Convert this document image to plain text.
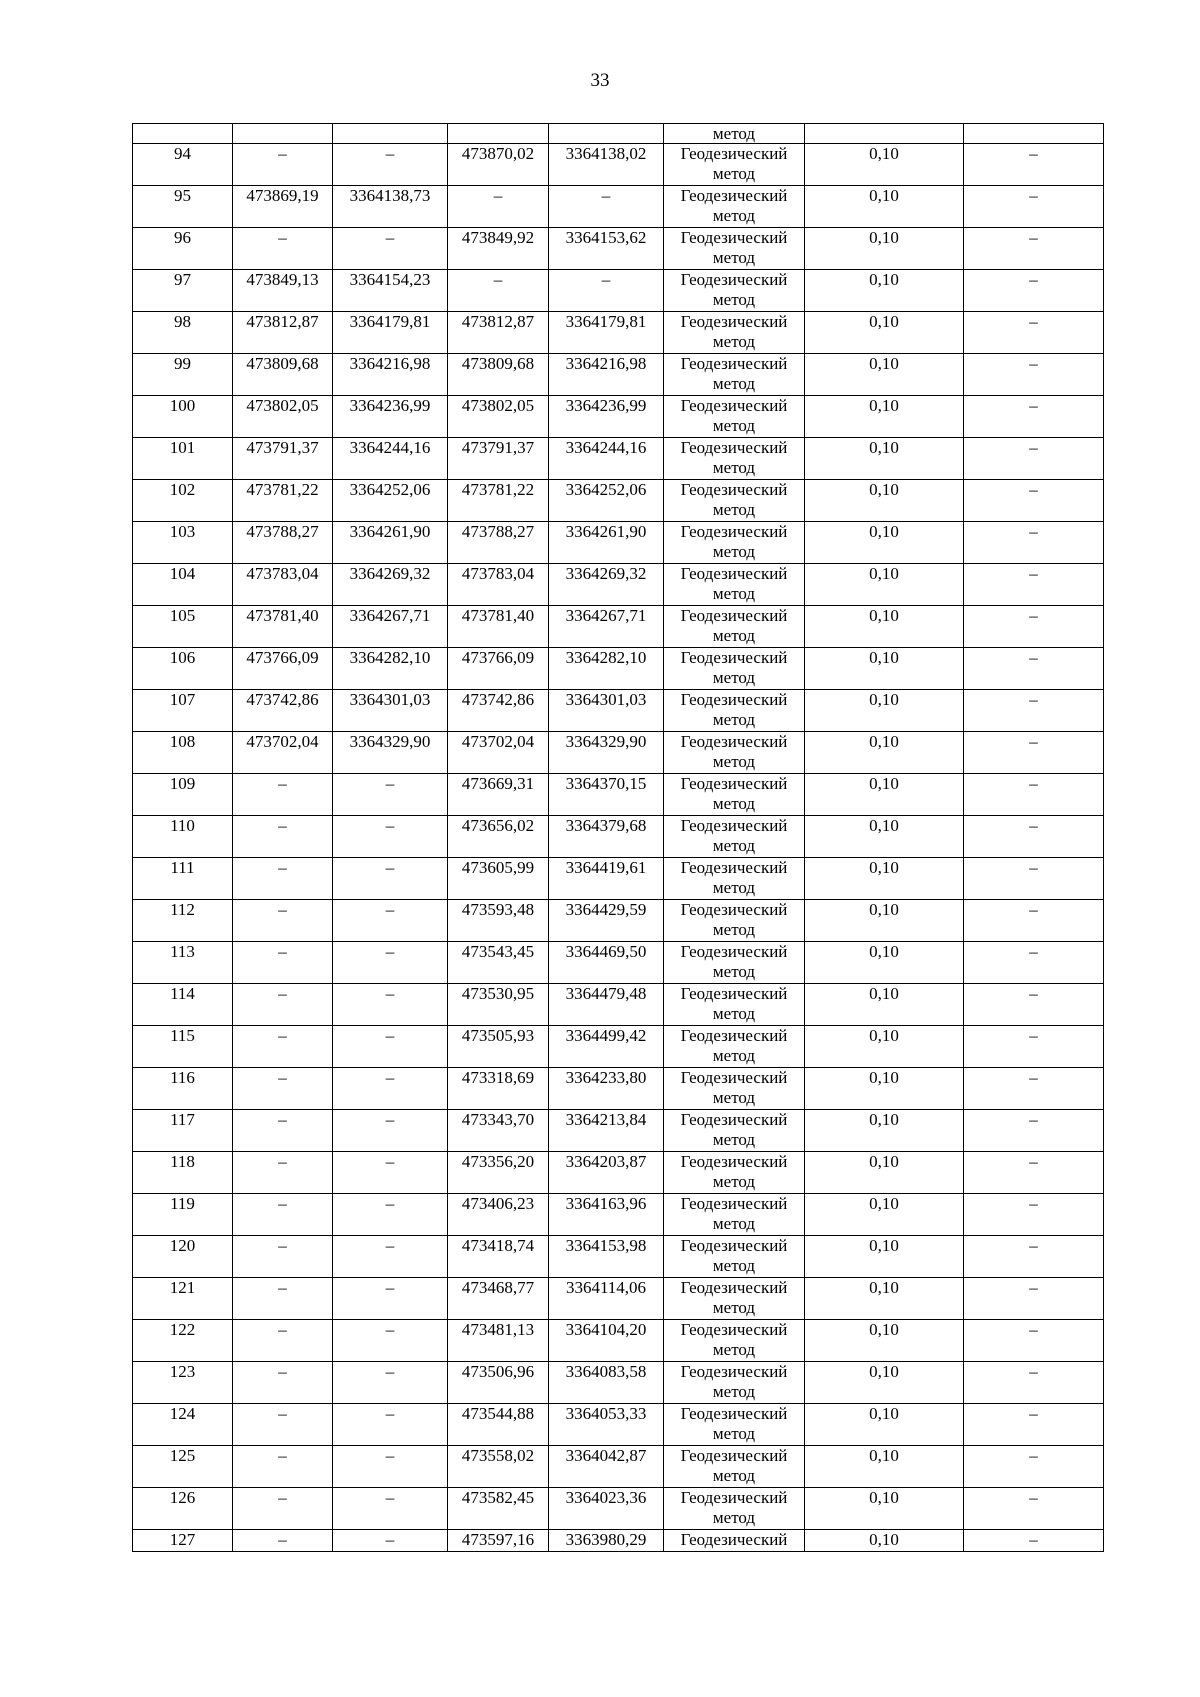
33
					метод		
94	–	–	473870,02	3364138,02	Геодезический
метод	0,10	–
95	473869,19	3364138,73	–	–	Геодезический
метод	0,10	–
96	–	–	473849,92	3364153,62	Геодезический
метод	0,10	–
97	473849,13	3364154,23	–	–	Геодезический
метод	0,10	–
98	473812,87	3364179,81	473812,87	3364179,81	Геодезический
метод	0,10	–
99	473809,68	3364216,98	473809,68	3364216,98	Геодезический
метод	0,10	–
100	473802,05	3364236,99	473802,05	3364236,99	Геодезический
метод	0,10	–
101	473791,37	3364244,16	473791,37	3364244,16	Геодезический
метод	0,10	–
102	473781,22	3364252,06	473781,22	3364252,06	Геодезический
метод	0,10	–
103	473788,27	3364261,90	473788,27	3364261,90	Геодезический
метод	0,10	–
104	473783,04	3364269,32	473783,04	3364269,32	Геодезический
метод	0,10	–
105	473781,40	3364267,71	473781,40	3364267,71	Геодезический
метод	0,10	–
106	473766,09	3364282,10	473766,09	3364282,10	Геодезический
метод	0,10	–
107	473742,86	3364301,03	473742,86	3364301,03	Геодезический
метод	0,10	–
108	473702,04	3364329,90	473702,04	3364329,90	Геодезический
метод	0,10	–
109	–	–	473669,31	3364370,15	Геодезический
метод	0,10	–
110	–	–	473656,02	3364379,68	Геодезический
метод	0,10	–
111	–	–	473605,99	3364419,61	Геодезический
метод	0,10	–
112	–	–	473593,48	3364429,59	Геодезический
метод	0,10	–
113	–	–	473543,45	3364469,50	Геодезический
метод	0,10	–
114	–	–	473530,95	3364479,48	Геодезический
метод	0,10	–
115	–	–	473505,93	3364499,42	Геодезический
метод	0,10	–
116	–	–	473318,69	3364233,80	Геодезический
метод	0,10	–
117	–	–	473343,70	3364213,84	Геодезический
метод	0,10	–
118	–	–	473356,20	3364203,87	Геодезический
метод	0,10	–
119	–	–	473406,23	3364163,96	Геодезический
метод	0,10	–
120	–	–	473418,74	3364153,98	Геодезический
метод	0,10	–
121	–	–	473468,77	3364114,06	Геодезический
метод	0,10	–
122	–	–	473481,13	3364104,20	Геодезический
метод	0,10	–
123	–	–	473506,96	3364083,58	Геодезический
метод	0,10	–
124	–	–	473544,88	3364053,33	Геодезический
метод	0,10	–
125	–	–	473558,02	3364042,87	Геодезический
метод	0,10	–
126	–	–	473582,45	3364023,36	Геодезический
метод	0,10	–
127	–	–	473597,16	3363980,29	Геодезический	0,10	–
